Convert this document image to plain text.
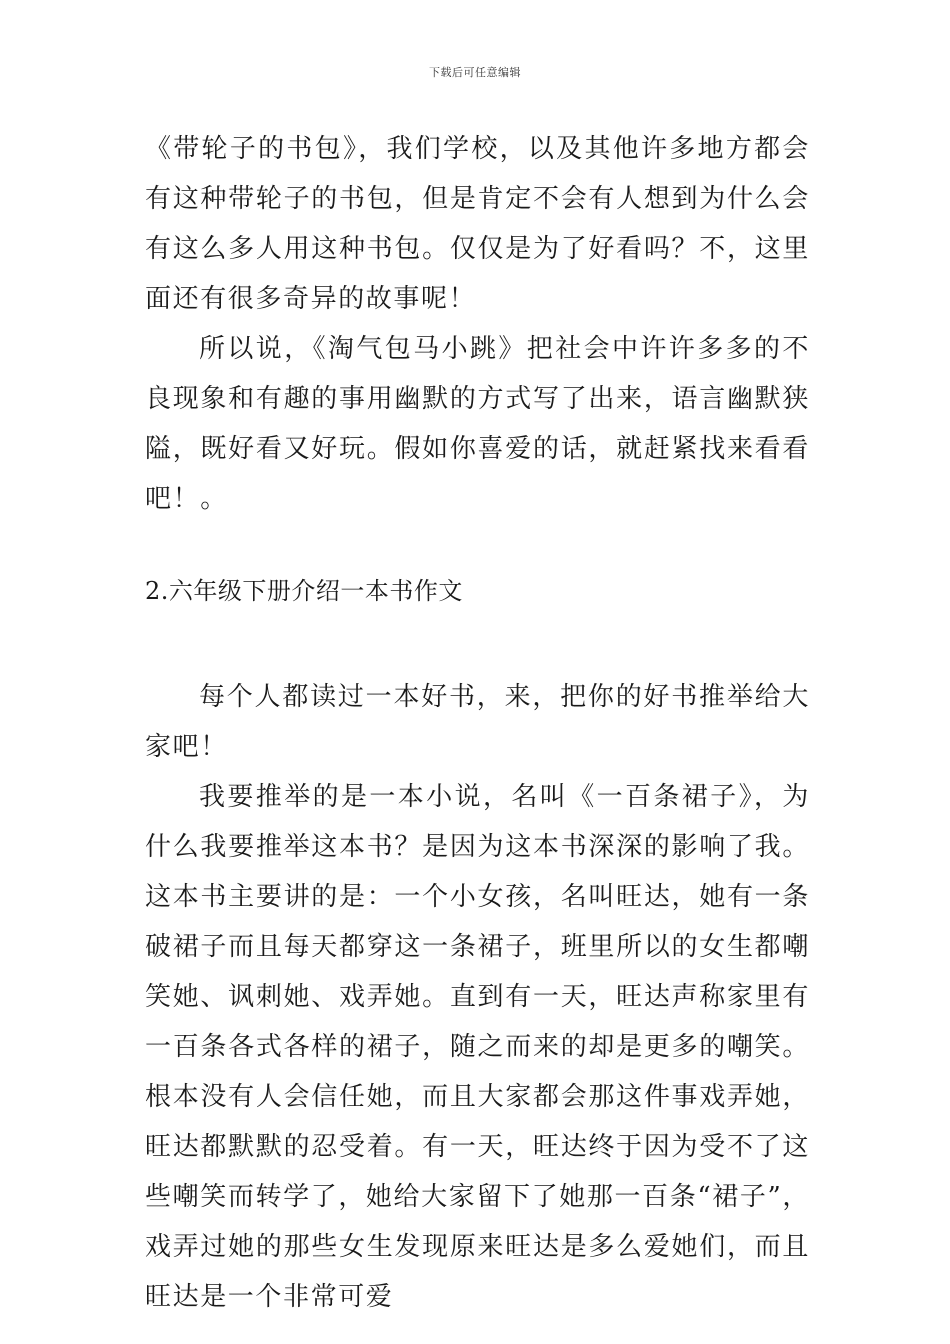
下载后可任意编辑

《带轮子的书包》，我们学校，以及其他许多地方都会有这种带轮子的书包，但是肯定不会有人想到为什么会有这么多人用这种书包。仅仅是为了好看吗？不，这里面还有很多奇异的故事呢！

所以说，《淘气包马小跳》把社会中许许多多的不良现象和有趣的事用幽默的方式写了出来，语言幽默狭隘，既好看又好玩。假如你喜爱的话，就赶紧找来看看吧！。

2.六年级下册介绍一本书作文

每个人都读过一本好书，来，把你的好书推举给大家吧！

我要推举的是一本小说，名叫《一百条裙子》，为什么我要推举这本书？是因为这本书深深的影响了我。这本书主要讲的是：一个小女孩，名叫旺达，她有一条破裙子而且每天都穿这一条裙子，班里所以的女生都嘲笑她、讽刺她、戏弄她。直到有一天，旺达声称家里有一百条各式各样的裙子，随之而来的却是更多的嘲笑。根本没有人会信任她，而且大家都会那这件事戏弄她，旺达都默默的忍受着。有一天，旺达终于因为受不了这些嘲笑而转学了，她给大家留下了她那一百条“裙子”，戏弄过她的那些女生发现原来旺达是多么爱她们，而且旺达是一个非常可爱
